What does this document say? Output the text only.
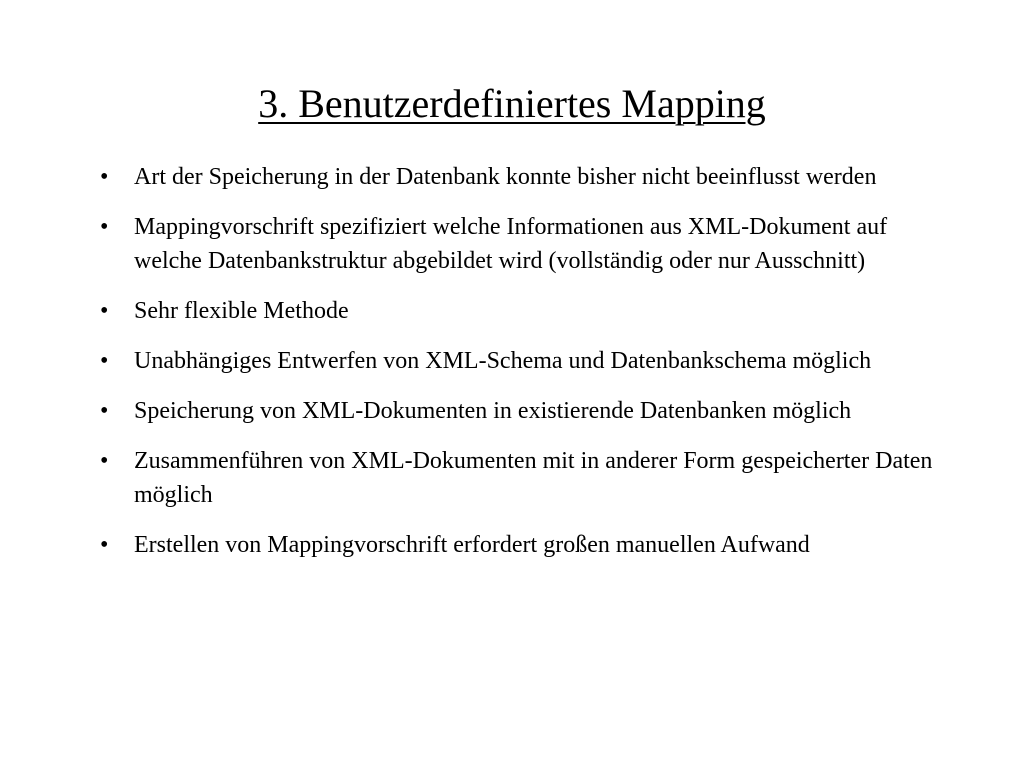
3. Benutzerdefiniertes Mapping
• Art der Speicherung in der Datenbank konnte bisher nicht beeinflusst werden
• Mappingvorschrift spezifiziert welche Informationen aus XML-Dokument auf welche Datenbankstruktur abgebildet wird (vollständig oder nur Ausschnitt)
• Sehr flexible Methode
• Unabhängiges Entwerfen von XML-Schema und Datenbankschema möglich
• Speicherung von XML-Dokumenten in existierende Datenbanken möglich
• Zusammenführen von XML-Dokumenten mit in anderer Form gespeicherter Daten möglich
• Erstellen von Mappingvorschrift erfordert großen manuellen Aufwand
